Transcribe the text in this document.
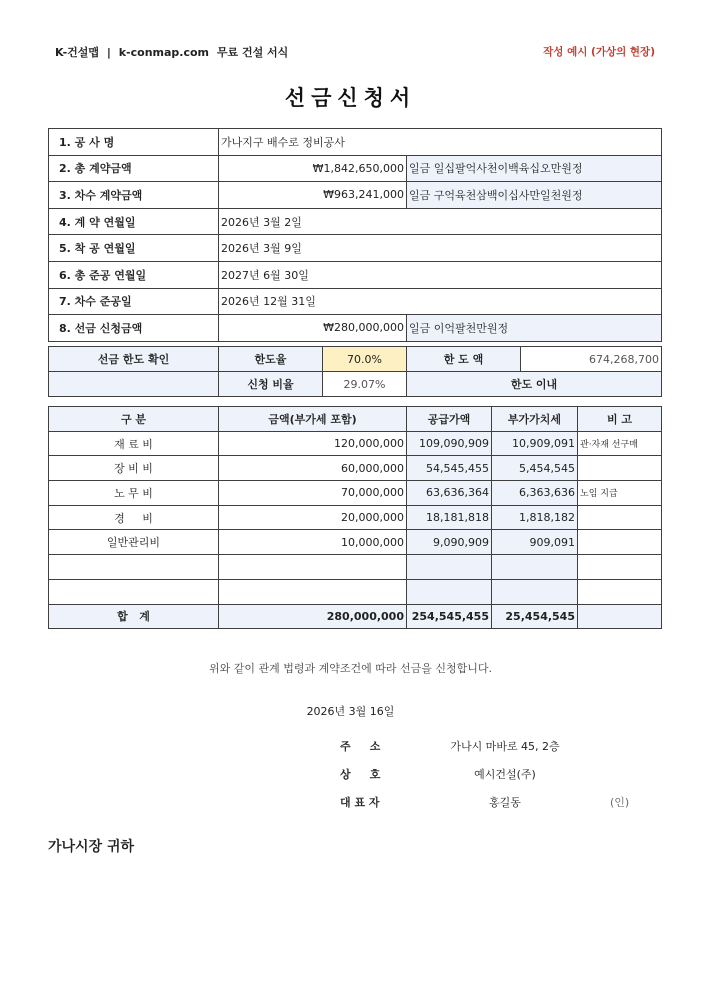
K-건설맵 | k-conmap.com 무료 건설 서식	작성 예시 (가상의 현장)
선금신청서
1. 공 사 명	가나지구 배수로 정비공사	
2. 총 계약금액	₩1,842,650,000	일금 일십팔억사천이백육십오만원정
3. 차수 계약금액	₩963,241,000	일금 구억육천삼백이십사만일천원정
4. 계 약 연월일	2026년 3월 2일	
5. 착 공 연월일	2026년 3월 9일	
6. 총 준공 연월일	2027년 6월 30일	
7. 차수 준공일	2026년 12월 31일	
8. 선금 신청금액	₩280,000,000	일금 이억팔천만원정
선금 한도 확인	한도율	70.0%	한 도 액	674,268,700
	신청 비율	29.07%	한도 이내	
구 분	금액(부가세 포함)	공급가액	부가가치세	비 고
재 료 비	120,000,000	109,090,909	10,909,091	관·자재 선구매
장 비 비	60,000,000	54,545,455	5,454,545	
노 무 비	70,000,000	63,636,364	6,363,636	노임 지급
경     비	20,000,000	18,181,818	1,818,182	
일반관리비	10,000,000	9,090,909	909,091	

합   계	280,000,000	254,545,455	25,454,545	
위와 같이 관계 법령과 계약조건에 따라 선금을 신청합니다.
2026년 3월 16일
주     소	가나시 마바로 45, 2층
상     호	예시건설(주)
대 표 자	홍길동	(인)
가나시장 귀하
